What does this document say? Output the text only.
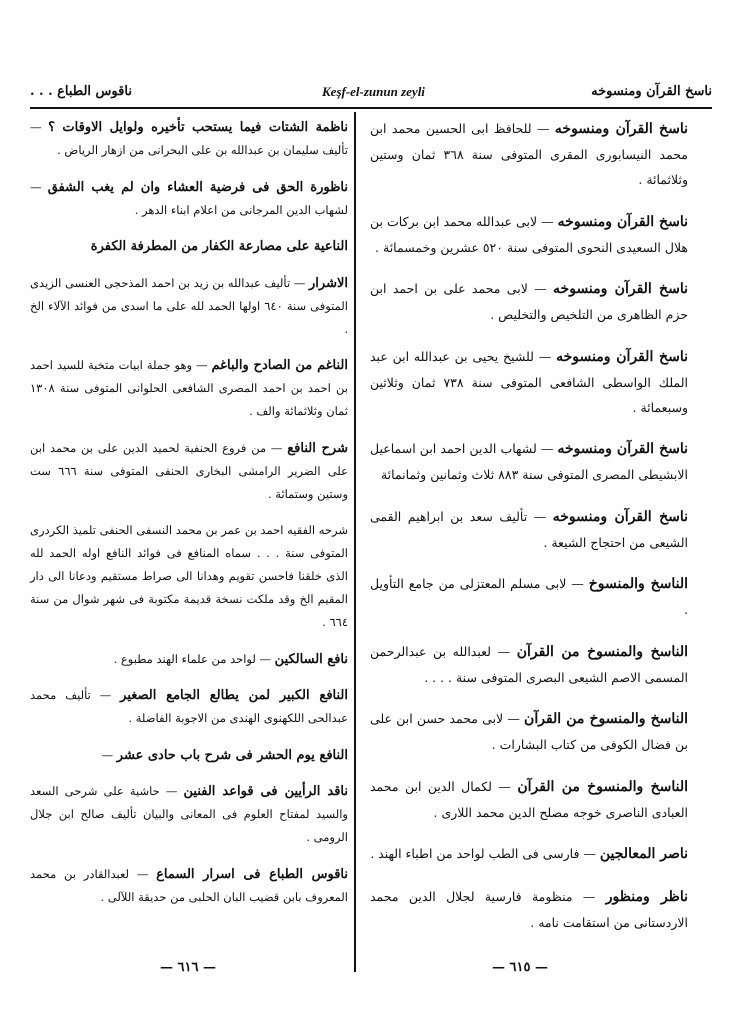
ناسخ القرآن ومنسوخه
Keşf-el-zunun zeyli
ناقوس الطباع . . .

ناسخ القرآن ومنسوخه — للحافظ ابى الحسين محمد ابن محمد النيسابورى المقرى المتوفى سنة ٣٦٨ ثمان وستين وثلاثمائة .

ناسخ القرآن ومنسوخه — لابى عبدالله محمد ابن بركات بن هلال السعيدى النحوى المتوفى سنة ٥٢٠ عشرين وخمسمائة .

ناسخ القرآن ومنسوخه — لابى محمد على بن احمد ابن حزم الظاهرى من التلخيص والتخليص .

ناسخ القرآن ومنسوخه — للشيخ يحيى بن عبدالله ابن عبد الملك الواسطى الشافعى المتوفى سنة ٧٣٨ ثمان وثلاثين وسبعمائة .

ناسخ القرآن ومنسوخه — لشهاب الدين احمد ابن اسماعيل الابشيطى المصرى المتوفى سنة ٨٨٣ ثلاث وثمانين وثمانمائة

ناسخ القرآن ومنسوخه — تأليف سعد بن ابراهيم القمى الشيعى من احتجاج الشيعة .

الناسخ والمنسوخ — لابى مسلم المعتزلى من جامع التأويل .

الناسخ والمنسوخ من القرآن — لعبدالله بن عبدالرحمن المسمى الاصم الشيعى البصرى المتوفى سنة . . . .

الناسخ والمنسوخ من القرآن — لابى محمد حسن ابن على بن فضال الكوفى من كتاب البشارات .

الناسخ والمنسوخ من القرآن — لكمال الدين ابن محمد العبادى الناصرى خوجه مصلح الدين محمد اللارى .

ناصر المعالجين — فارسى فى الطب لواحد من اطباء الهند .

ناظر ومنظور — منظومة فارسية لجلال الدين محمد الاردستانى من استقامت نامه .

ناظمة الشتات فيما يستحب تأخيره ولوايل الاوقات ؟ — تأليف سليمان بن عبدالله بن على البحرانى من ازهار الرياض .

ناظورة الحق فى فرضية العشاء وان لم يغب الشفق — لشهاب الدين المرجانى من اعلام ابناء الدهر .

الناعية على مصارعة الكفار من المطرفة الكفرة

الاشرار — تأليف عبدالله بن زيد بن احمد المذحجى العنسى الزيدى المتوفى سنة ٦٤٠ اولها الحمد لله على ما اسدى من فوائد الآلاء الخ .

الناغم من الصادح والباغم — وهو جملة ابيات متخبة للسيد احمد بن احمد بن احمد المصرى الشافعى الحلوانى المتوفى سنة ١٣٠٨ ثمان وثلاثمائة والف .

شرح النافع — من فروع الحنفية لحميد الدين على بن محمد ابن على الضرير الرامشى البخارى الحنفى المتوفى سنة ٦٦٦ ست وستين وستمائة .

شرحه الفقيه احمد بن عمر بن محمد النسفى الحنفى تلميذ الكردرى المتوفى سنة . . . سماه المنافع فى فوائد النافع اوله الحمد لله الذى خلقنا فاحسن تقويم وهدانا الى صراط مستقيم ودعانا الى دار المقيم الخ وقد ملكت نسخة قديمة مكتوبة فى شهر شوال من سنة ٦٦٤ .

نافع السالكين — لواحد من علماء الهند مطبوع .

النافع الكبير لمن يطالع الجامع الصغير — تأليف محمد عبدالحى اللكهنوى الهندى من الاجوبة الفاضلة .

النافع يوم الحشر فى شرح باب حادى عشر —

ناقد الرأيين فى قواعد الفنين — حاشية على شرحى السعد والسيد لمفتاح العلوم فى المعانى والبيان تأليف صالح ابن جلال الرومى .

ناقوس الطباع فى اسرار السماع — لعبدالقادر بن محمد المعروف بابن قضيب البان الحلبى من حديقة اللآلى .

— ٦١٥ —
— ٦١٦ —
